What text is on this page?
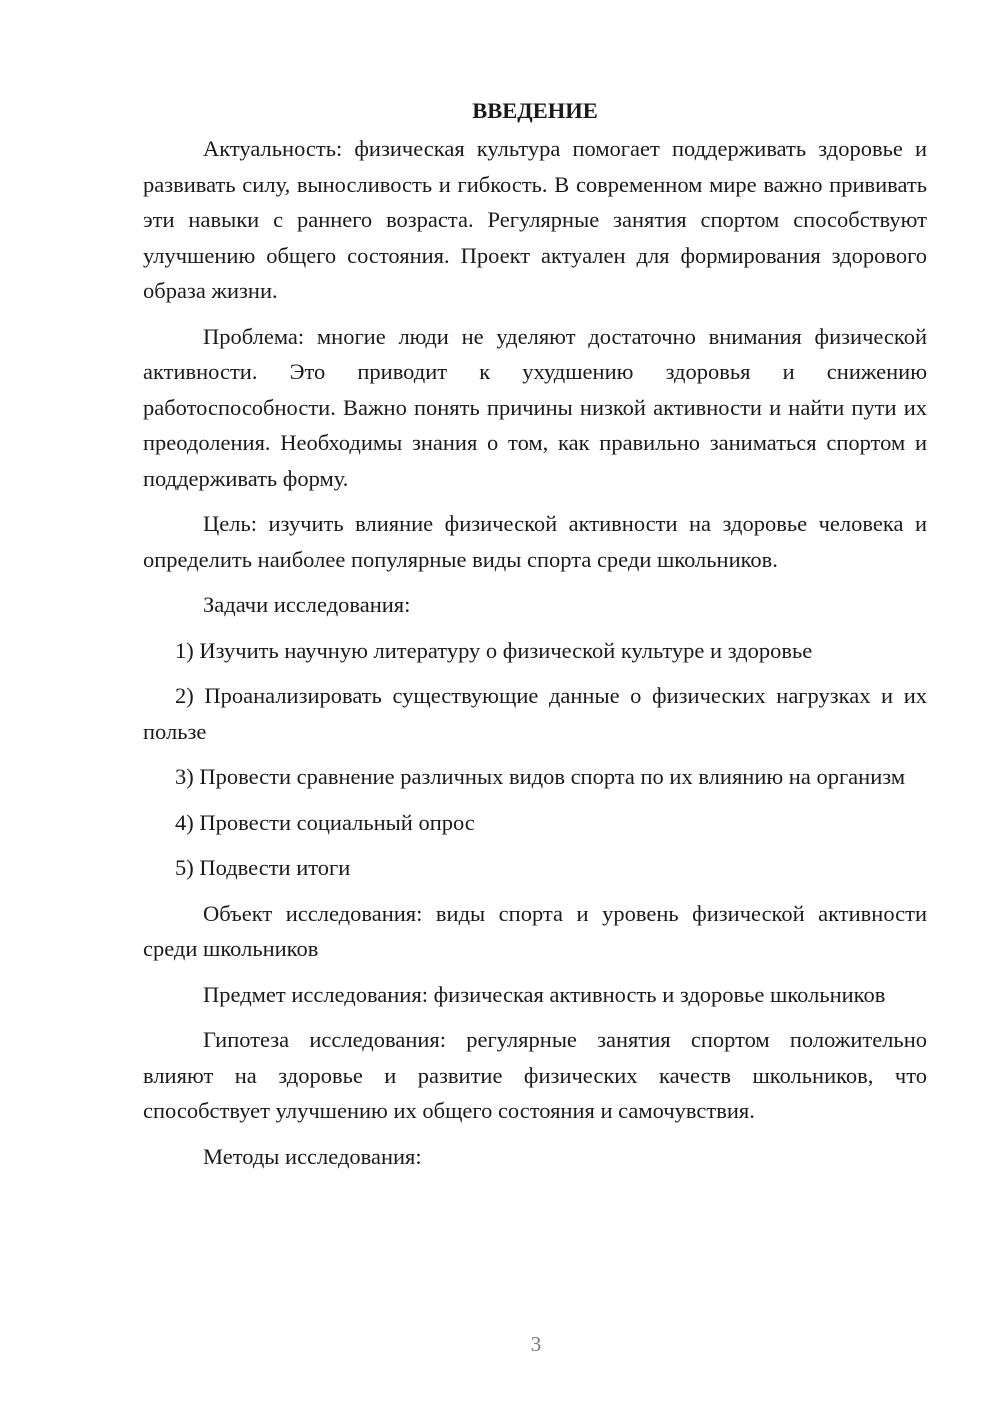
ВВЕДЕНИЕ

Актуальность: физическая культура помогает поддерживать здоровье и развивать силу, выносливость и гибкость. В современном мире важно прививать эти навыки с раннего возраста. Регулярные занятия спортом способствуют улучшению общего состояния. Проект актуален для формирования здорового образа жизни.

Проблема: многие люди не уделяют достаточно внимания физической активности. Это приводит к ухудшению здоровья и снижению работоспособности. Важно понять причины низкой активности и найти пути их преодоления. Необходимы знания о том, как правильно заниматься спортом и поддерживать форму.

Цель: изучить влияние физической активности на здоровье человека и определить наиболее популярные виды спорта среди школьников.

Задачи исследования:

1) Изучить научную литературу о физической культуре и здоровье

2) Проанализировать существующие данные о физических нагрузках и их пользе

3) Провести сравнение различных видов спорта по их влиянию на организм

4) Провести социальный опрос

5) Подвести итоги

Объект исследования: виды спорта и уровень физической активности среди школьников

Предмет исследования: физическая активность и здоровье школьников

Гипотеза исследования: регулярные занятия спортом положительно влияют на здоровье и развитие физических качеств школьников, что способствует улучшению их общего состояния и самочувствия.

Методы исследования:

3
